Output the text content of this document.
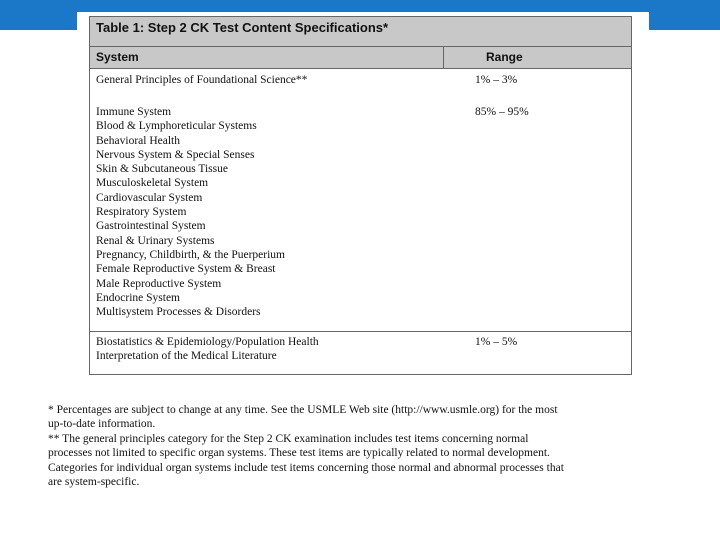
Table 1: Step 2 CK Test Content Specifications*
System	Range
General Principles of Foundational Science**	1% – 3%
Immune System
Blood & Lymphoreticular Systems
Behavioral Health
Nervous System & Special Senses
Skin & Subcutaneous Tissue
Musculoskeletal System
Cardiovascular System
Respiratory System
Gastrointestinal System
Renal & Urinary Systems
Pregnancy, Childbirth, & the Puerperium
Female Reproductive System & Breast
Male Reproductive System
Endocrine System
Multisystem Processes & Disorders
85% – 95%
Biostatistics & Epidemiology/Population Health
Interpretation of the Medical Literature
1% – 5%

* Percentages are subject to change at any time. See the USMLE Web site (http://www.usmle.org) for the most up-to-date information.

** The general principles category for the Step 2 CK examination includes test items concerning normal processes not limited to specific organ systems. These test items are typically related to normal development. Categories for individual organ systems include test items concerning those normal and abnormal processes that are system-specific.
